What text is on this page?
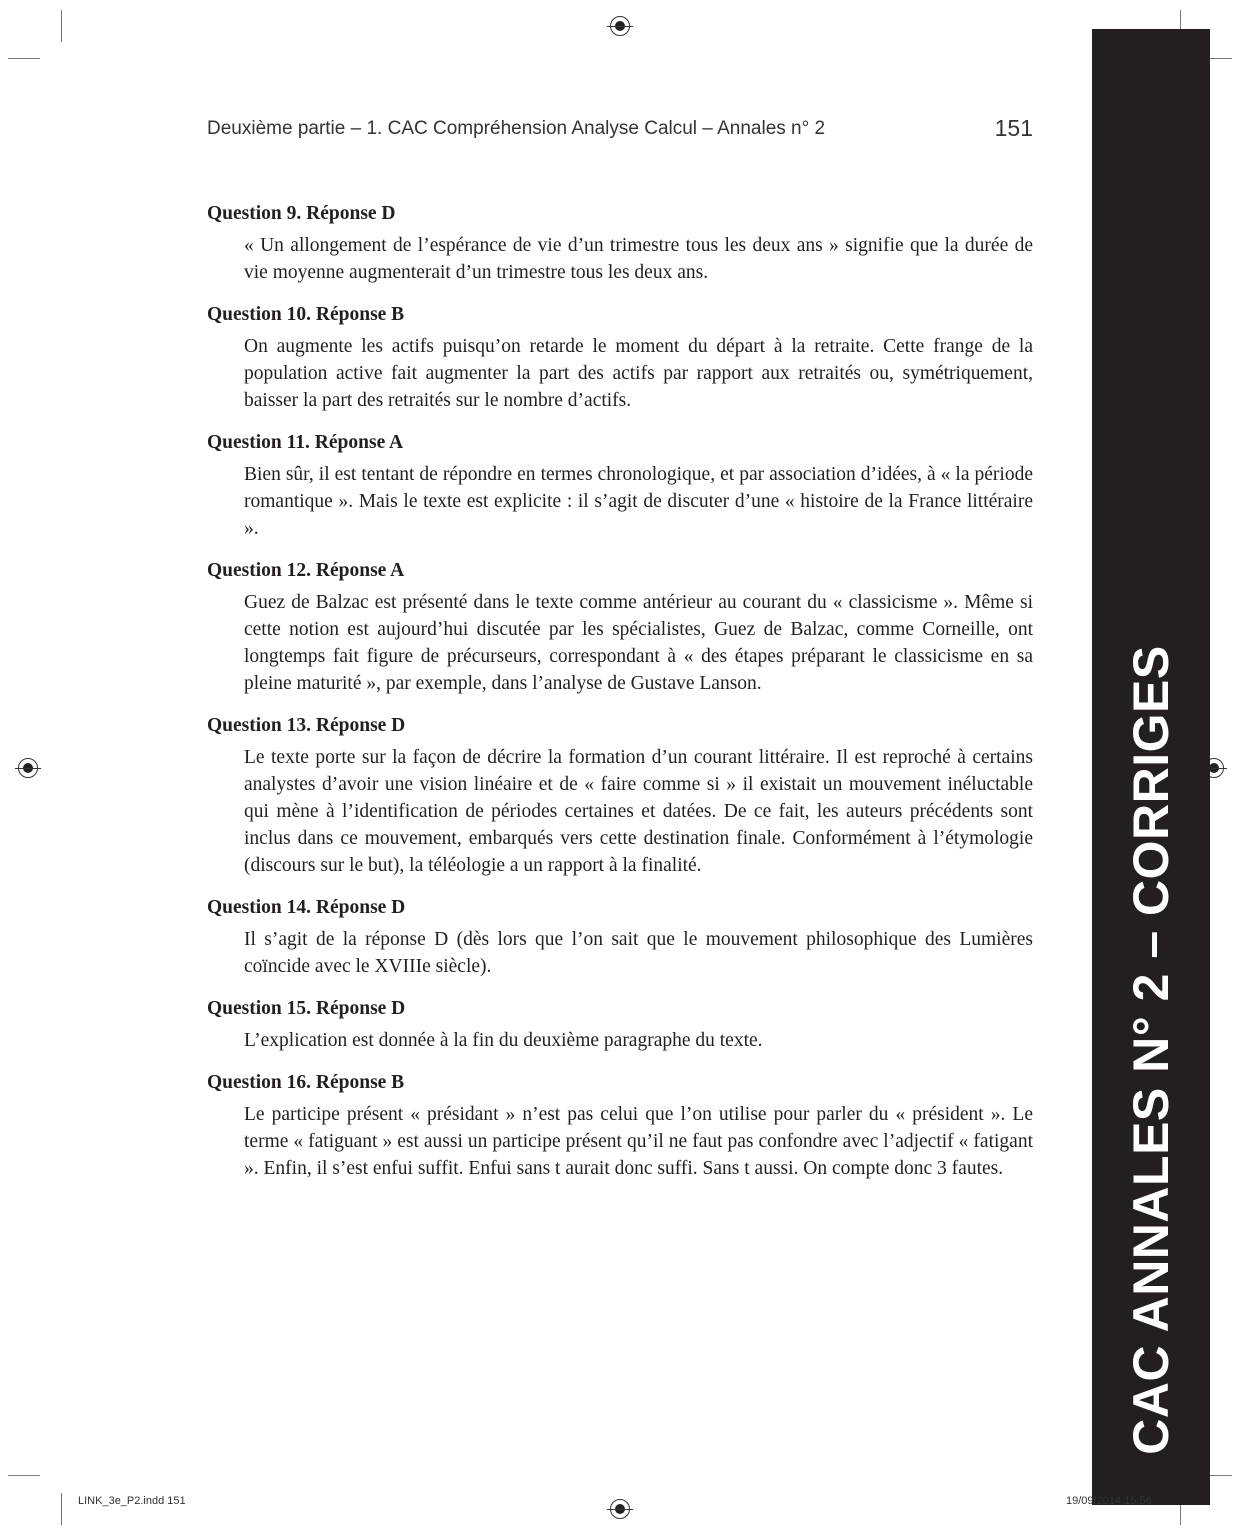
Deuxième partie – 1. CAC Compréhension Analyse Calcul – Annales n° 2	151
Question 9. Réponse D

« Un allongement de l’espérance de vie d’un trimestre tous les deux ans » signifie que la durée de vie moyenne augmenterait d’un trimestre tous les deux ans.

Question 10. Réponse B

On augmente les actifs puisqu’on retarde le moment du départ à la retraite. Cette frange de la population active fait augmenter la part des actifs par rapport aux retraités ou, symétriquement, baisser la part des retraités sur le nombre d’actifs.

Question 11. Réponse A

Bien sûr, il est tentant de répondre en termes chronologique, et par association d’idées, à « la période romantique ». Mais le texte est explicite : il s’agit de discuter d’une « histoire de la France littéraire ».

Question 12. Réponse A

Guez de Balzac est présenté dans le texte comme antérieur au courant du « classicisme ». Même si cette notion est aujourd’hui discutée par les spécialistes, Guez de Balzac, comme Corneille, ont longtemps fait figure de précurseurs, correspondant à « des étapes préparant le classicisme en sa pleine maturité », par exemple, dans l’analyse de Gustave Lanson.

Question 13. Réponse D

Le texte porte sur la façon de décrire la formation d’un courant littéraire. Il est reproché à certains analystes d’avoir une vision linéaire et de « faire comme si » il existait un mouvement inéluctable qui mène à l’identification de périodes certaines et datées. De ce fait, les auteurs précédents sont inclus dans ce mouvement, embarqués vers cette destination finale. Conformément à l’étymologie (discours sur le but), la téléologie a un rapport à la finalité.

Question 14. Réponse D

Il s’agit de la réponse D (dès lors que l’on sait que le mouvement philosophique des Lumières coïncide avec le XVIIIe siècle).

Question 15. Réponse D

L’explication est donnée à la fin du deuxième paragraphe du texte.

Question 16. Réponse B

Le participe présent « présidant » n’est pas celui que l’on utilise pour parler du « président ». Le terme « fatiguant » est aussi un participe présent qu’il ne faut pas confondre avec l’adjectif « fatigant ». Enfin, il s’est enfui suffit. Enfui sans t aurait donc suffi. Sans t aussi. On compte donc 3 fautes.	CAC ANNALES N° 2 – CORRIGES
LINK_3e_P2.indd 151	19/09/2014 15:56
